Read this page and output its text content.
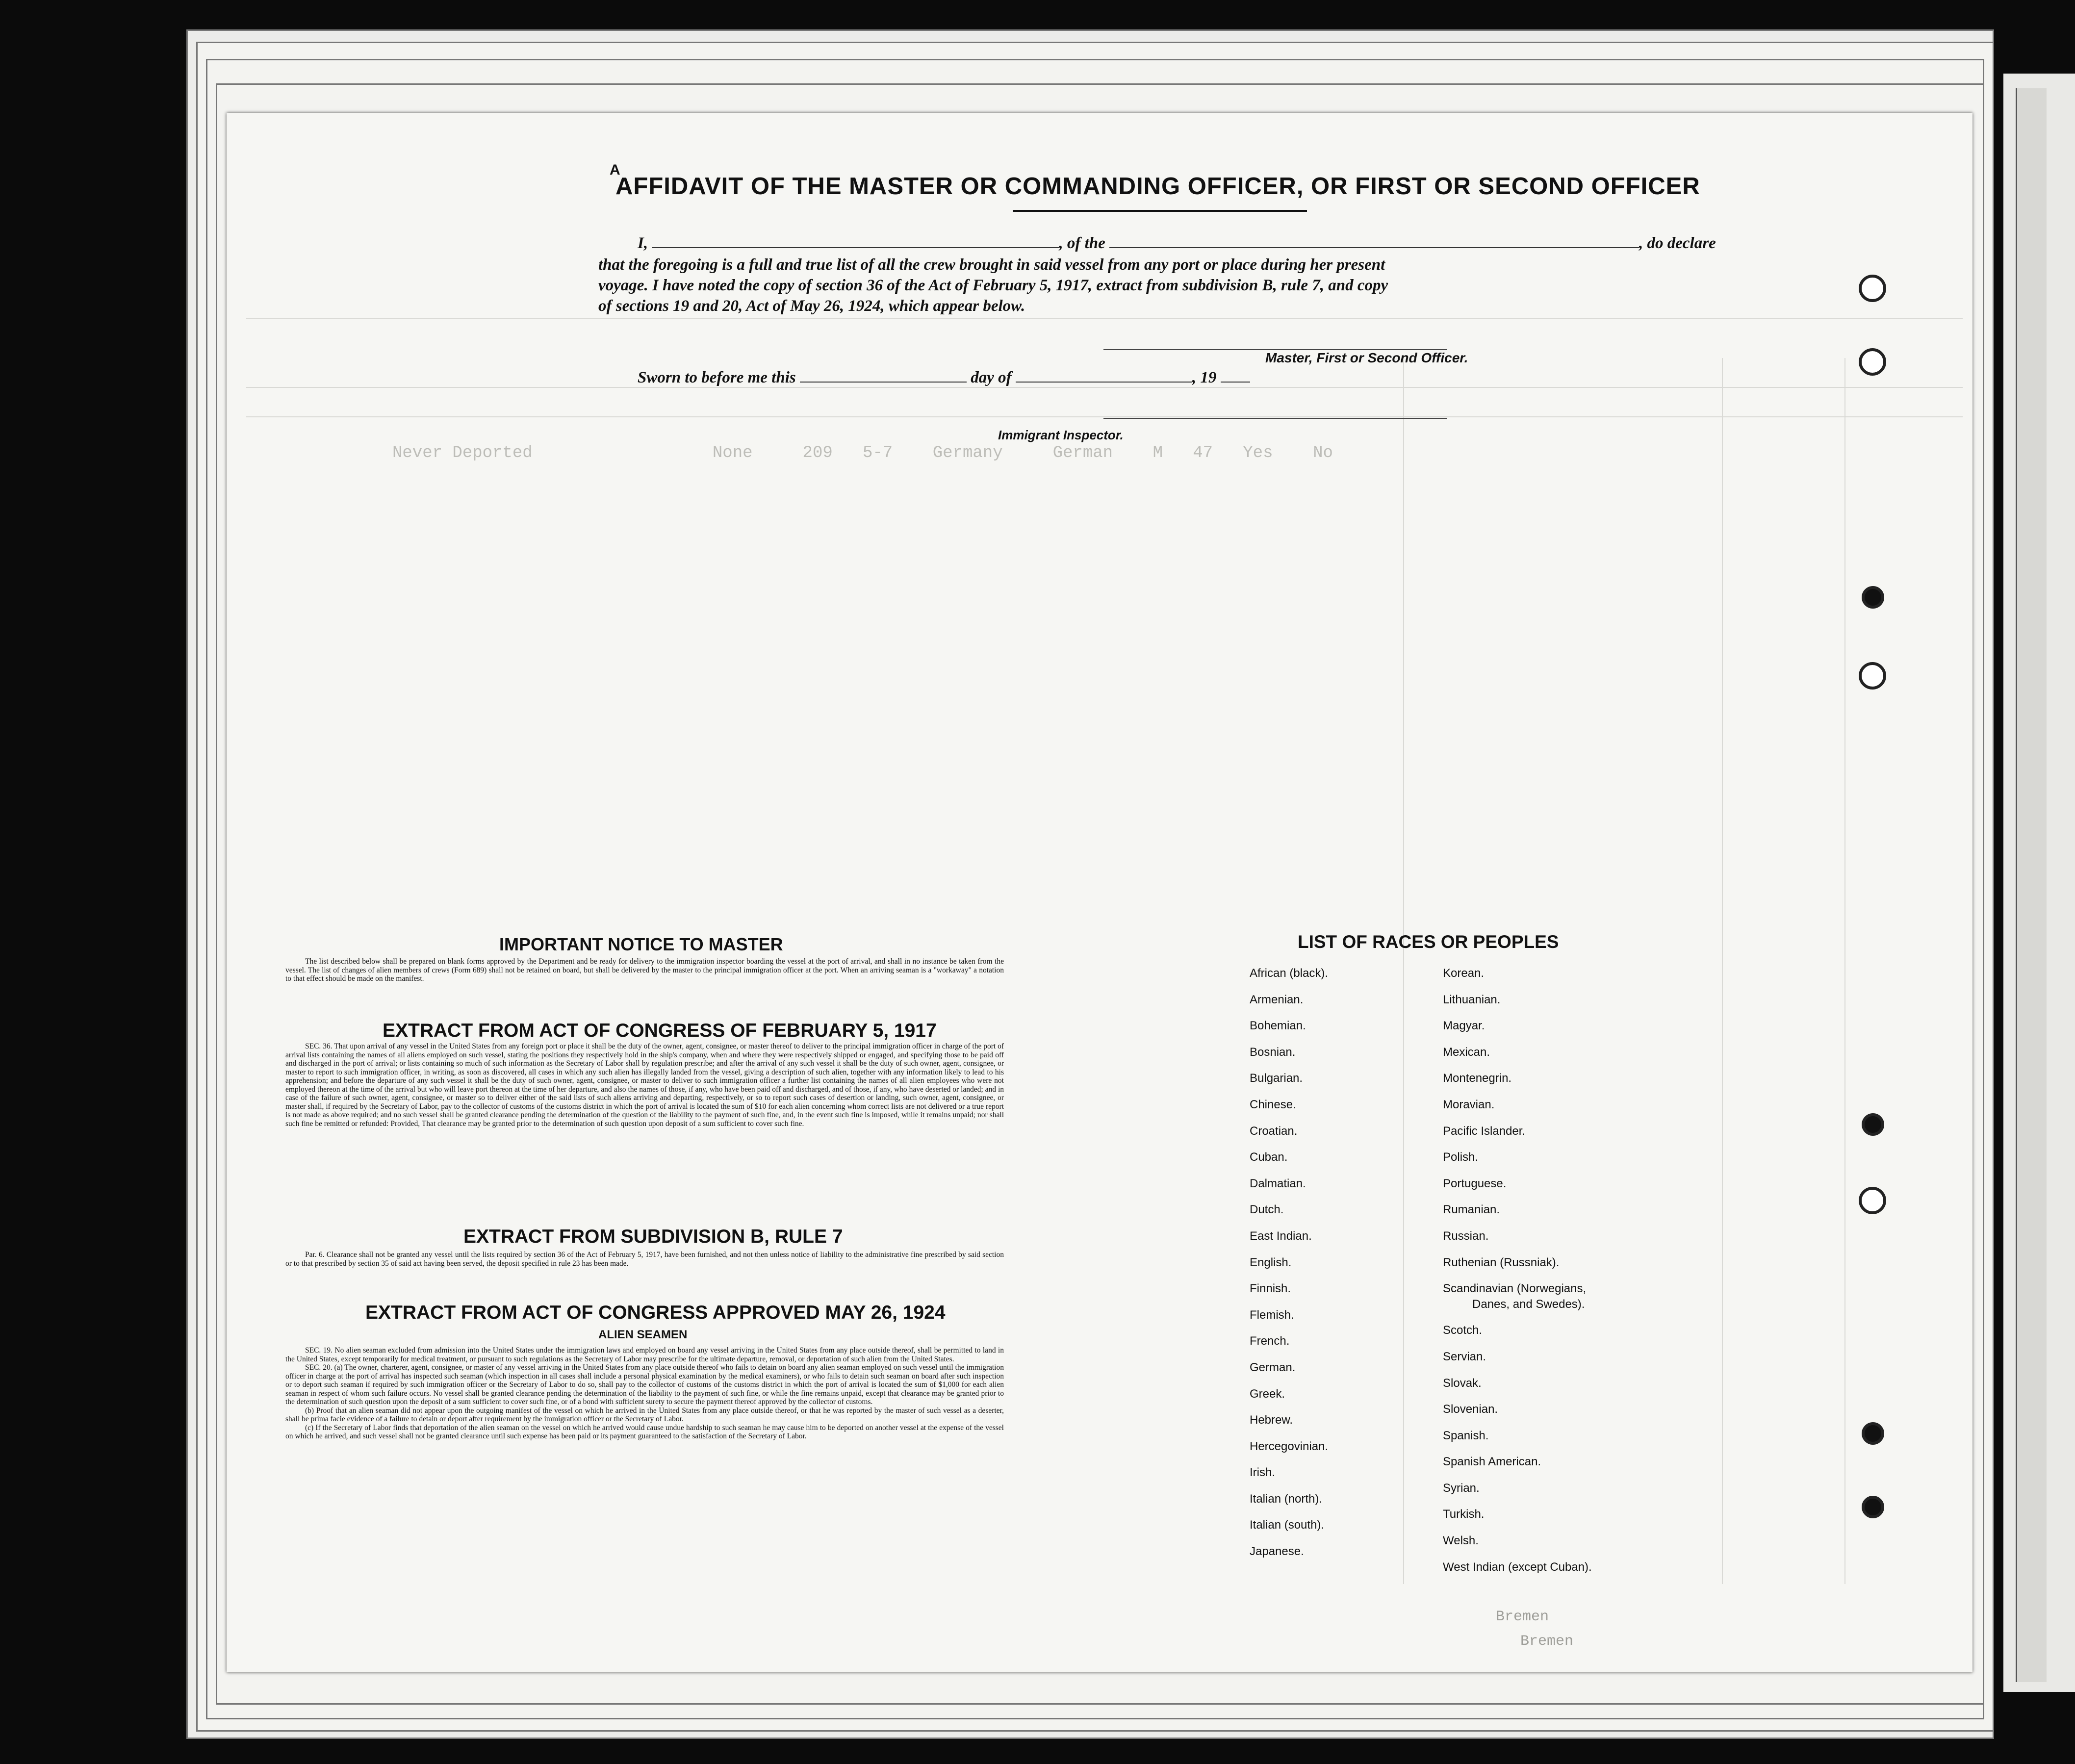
Never Deported                  None     209   5-7    Germany     German    M   47   Yes    No
A
AFFIDAVIT OF THE MASTER OR COMMANDING OFFICER, OR FIRST OR SECOND OFFICER
I,	, of the	, do declare
that the foregoing is a full and true list of all the crew brought in said vessel from any port or place during her present
voyage. I have noted the copy of section 36 of the Act of February 5, 1917, extract from subdivision B, rule 7, and copy
of sections 19 and 20, Act of May 26, 1924, which appear below.
Master, First or Second Officer.
Sworn to before me this	day of	, 19
Immigrant Inspector.
IMPORTANT NOTICE TO MASTER

The list described below shall be prepared on blank forms approved by the Department and be ready for delivery to the immigration inspector boarding the vessel at the port of arrival, and shall in no instance be taken from the vessel. The list of changes of alien members of crews (Form 689) shall not be retained on board, but shall be delivered by the master to the principal immigration officer at the port. When an arriving seaman is a "workaway" a notation to that effect should be made on the manifest.

EXTRACT FROM ACT OF CONGRESS OF FEBRUARY 5, 1917

SEC. 36. That upon arrival of any vessel in the United States from any foreign port or place it shall be the duty of the owner, agent, consignee, or master thereof to deliver to the principal immigration officer in charge of the port of arrival lists containing the names of all aliens employed on such vessel, stating the positions they respectively hold in the ship's company, when and where they were respectively shipped or engaged, and specifying those to be paid off and discharged in the port of arrival; or lists containing so much of such information as the Secretary of Labor shall by regulation prescribe; and after the arrival of any such vessel it shall be the duty of such owner, agent, consignee, or master to report to such immigration officer, in writing, as soon as discovered, all cases in which any such alien has illegally landed from the vessel, giving a description of such alien, together with any information likely to lead to his apprehension; and before the departure of any such vessel it shall be the duty of such owner, agent, consignee, or master to deliver to such immigration officer a further list containing the names of all alien employees who were not employed thereon at the time of the arrival but who will leave port thereon at the time of her departure, and also the names of those, if any, who have been paid off and discharged, and of those, if any, who have deserted or landed; and in case of the failure of such owner, agent, consignee, or master so to deliver either of the said lists of such aliens arriving and departing, respectively, or so to report such cases of desertion or landing, such owner, agent, consignee, or master shall, if required by the Secretary of Labor, pay to the collector of customs of the customs district in which the port of arrival is located the sum of $10 for each alien concerning whom correct lists are not delivered or a true report is not made as above required; and no such vessel shall be granted clearance pending the determination of the question of the liability to the payment of such fine, and, in the event such fine is imposed, while it remains unpaid; nor shall such fine be remitted or refunded: Provided, That clearance may be granted prior to the determination of such question upon deposit of a sum sufficient to cover such fine.

EXTRACT FROM SUBDIVISION B, RULE 7

Par. 6. Clearance shall not be granted any vessel until the lists required by section 36 of the Act of February 5, 1917, have been furnished, and not then unless notice of liability to the administrative fine prescribed by said section or to that prescribed by section 35 of said act having been served, the deposit specified in rule 23 has been made.

EXTRACT FROM ACT OF CONGRESS APPROVED MAY 26, 1924
ALIEN SEAMEN

SEC. 19. No alien seaman excluded from admission into the United States under the immigration laws and employed on board any vessel arriving in the United States from any place outside thereof, shall be permitted to land in the United States, except temporarily for medical treatment, or pursuant to such regulations as the Secretary of Labor may prescribe for the ultimate departure, removal, or deportation of such alien from the United States.

SEC. 20. (a) The owner, charterer, agent, consignee, or master of any vessel arriving in the United States from any place outside thereof who fails to detain on board any alien seaman employed on such vessel until the immigration officer in charge at the port of arrival has inspected such seaman (which inspection in all cases shall include a personal physical examination by the medical examiners), or who fails to detain such seaman on board after such inspection or to deport such seaman if required by such immigration officer or the Secretary of Labor to do so, shall pay to the collector of customs of the customs district in which the port of arrival is located the sum of $1,000 for each alien seaman in respect of whom such failure occurs. No vessel shall be granted clearance pending the determination of the liability to the payment of such fine, or while the fine remains unpaid, except that clearance may be granted prior to the determination of such question upon the deposit of a sum sufficient to cover such fine, or of a bond with sufficient surety to secure the payment thereof approved by the collector of customs.

(b) Proof that an alien seaman did not appear upon the outgoing manifest of the vessel on which he arrived in the United States from any place outside thereof, or that he was reported by the master of such vessel as a deserter, shall be prima facie evidence of a failure to detain or deport after requirement by the immigration officer or the Secretary of Labor.

(c) If the Secretary of Labor finds that deportation of the alien seaman on the vessel on which he arrived would cause undue hardship to such seaman he may cause him to be deported on another vessel at the expense of the vessel on which he arrived, and such vessel shall not be granted clearance until such expense has been paid or its payment guaranteed to the satisfaction of the Secretary of Labor.

LIST OF RACES OR PEOPLES
African (black).
Armenian.
Bohemian.
Bosnian.
Bulgarian.
Chinese.
Croatian.
Cuban.
Dalmatian.
Dutch.
East Indian.
English.
Finnish.
Flemish.
French.
German.
Greek.
Hebrew.
Hercegovinian.
Irish.
Italian (north).
Italian (south).
Japanese.
Korean.
Lithuanian.
Magyar.
Mexican.
Montenegrin.
Moravian.
Pacific Islander.
Polish.
Portuguese.
Rumanian.
Russian.
Ruthenian (Russniak).
Scandinavian (Norwegians,
Danes, and Swedes).
Scotch.
Servian.
Slovak.
Slovenian.
Spanish.
Spanish American.
Syrian.
Turkish.
Welsh.
West Indian (except Cuban).
Bremen
Bremen
